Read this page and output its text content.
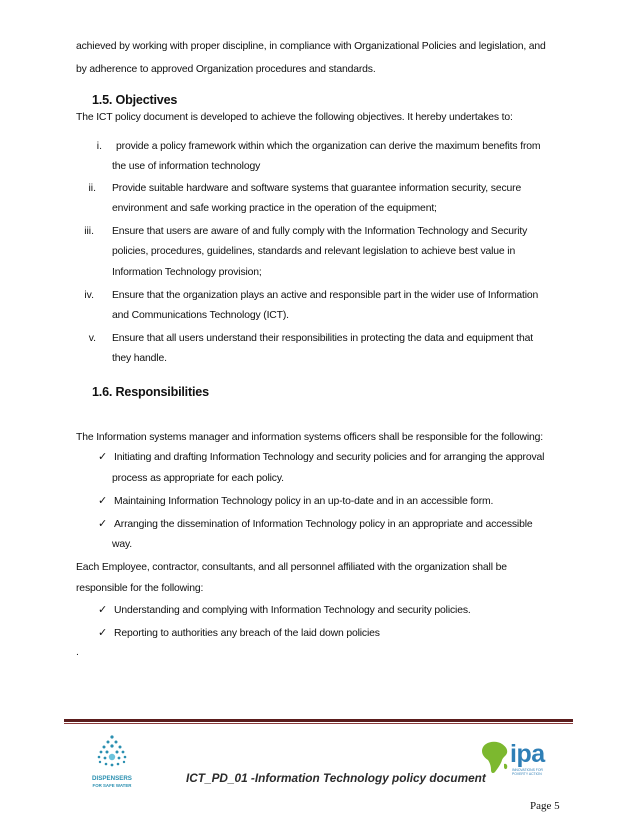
achieved by working with proper discipline, in compliance with Organizational Policies and legislation, and
by adherence to approved Organization procedures and standards.
1.5. Objectives
The ICT policy document is developed to achieve the following objectives. It hereby undertakes to:
i. provide a policy framework within which the organization can derive the maximum benefits from
the use of information technology
ii. Provide suitable hardware and software systems that guarantee information security, secure
environment and safe working practice in the operation of the equipment;
iii. Ensure that users are aware of and fully comply with the Information Technology and Security
policies, procedures, guidelines, standards and relevant legislation to achieve best value in
Information Technology provision;
iv. Ensure that the organization plays an active and responsible part in the wider use of Information
and Communications Technology (ICT).
v. Ensure that all users understand their responsibilities in protecting the data and equipment that
they handle.
1.6. Responsibilities
The Information systems manager and information systems officers shall be responsible for the following:
✓ Initiating and drafting Information Technology and security policies and for arranging the approval
process as appropriate for each policy.
✓ Maintaining Information Technology policy in an up-to-date and in an accessible form.
✓ Arranging the dissemination of Information Technology policy in an appropriate and accessible
way.
Each Employee, contractor, consultants, and all personnel affiliated with the organization shall be
responsible for the following:
✓ Understanding and complying with Information Technology and security policies.
✓ Reporting to authorities any breach of the laid down policies
.
DISPENSERS
FOR SAFE WATER
ICT_PD_01 -Information Technology policy document
ipa
INNOVATIONS FOR
POVERTY ACTION
Page 5
